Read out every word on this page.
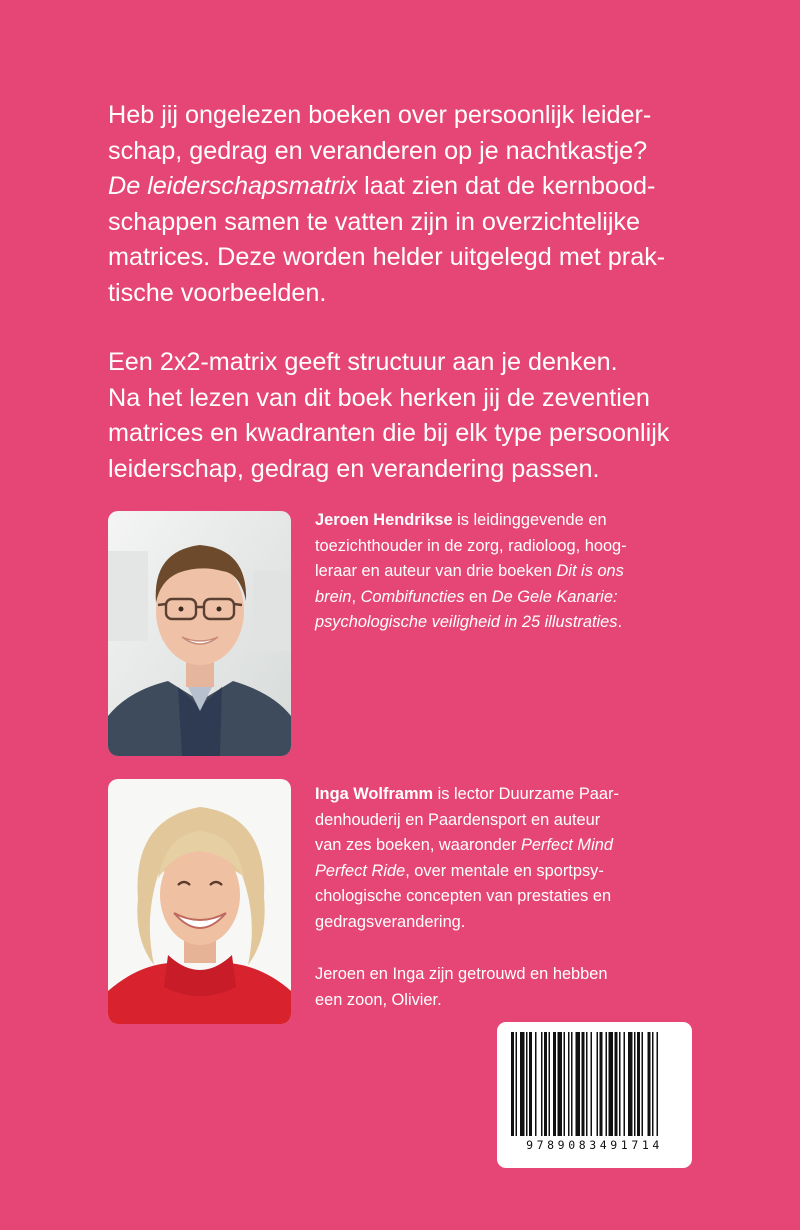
Heb jij ongelezen boeken over persoonlijk leider-
schap, gedrag en veranderen op je nachtkastje?
De leiderschapsmatrix laat zien dat de kernbood-
schappen samen te vatten zijn in overzichtelijke
matrices. Deze worden helder uitgelegd met prak-
tische voorbeelden.

Een 2x2-matrix geeft structuur aan je denken.
Na het lezen van dit boek herken jij de zeventien
matrices en kwadranten die bij elk type persoonlijk
leiderschap, gedrag en verandering passen.

Jeroen Hendrikse is leidinggevende en
toezichthouder in de zorg, radioloog, hoog-
leraar en auteur van drie boeken Dit is ons
brein, Combifuncties en De Gele Kanarie:
psychologische veiligheid in 25 illustraties.
Inga Wolframm is lector Duurzame Paar-
denhouderij en Paardensport en auteur
van zes boeken, waaronder Perfect Mind
Perfect Ride, over mentale en sportpsy-
chologische concepten van prestaties en
gedragsverandering.
Jeroen en Inga zijn getrouwd en hebben
een zoon, Olivier.
9789083491714
